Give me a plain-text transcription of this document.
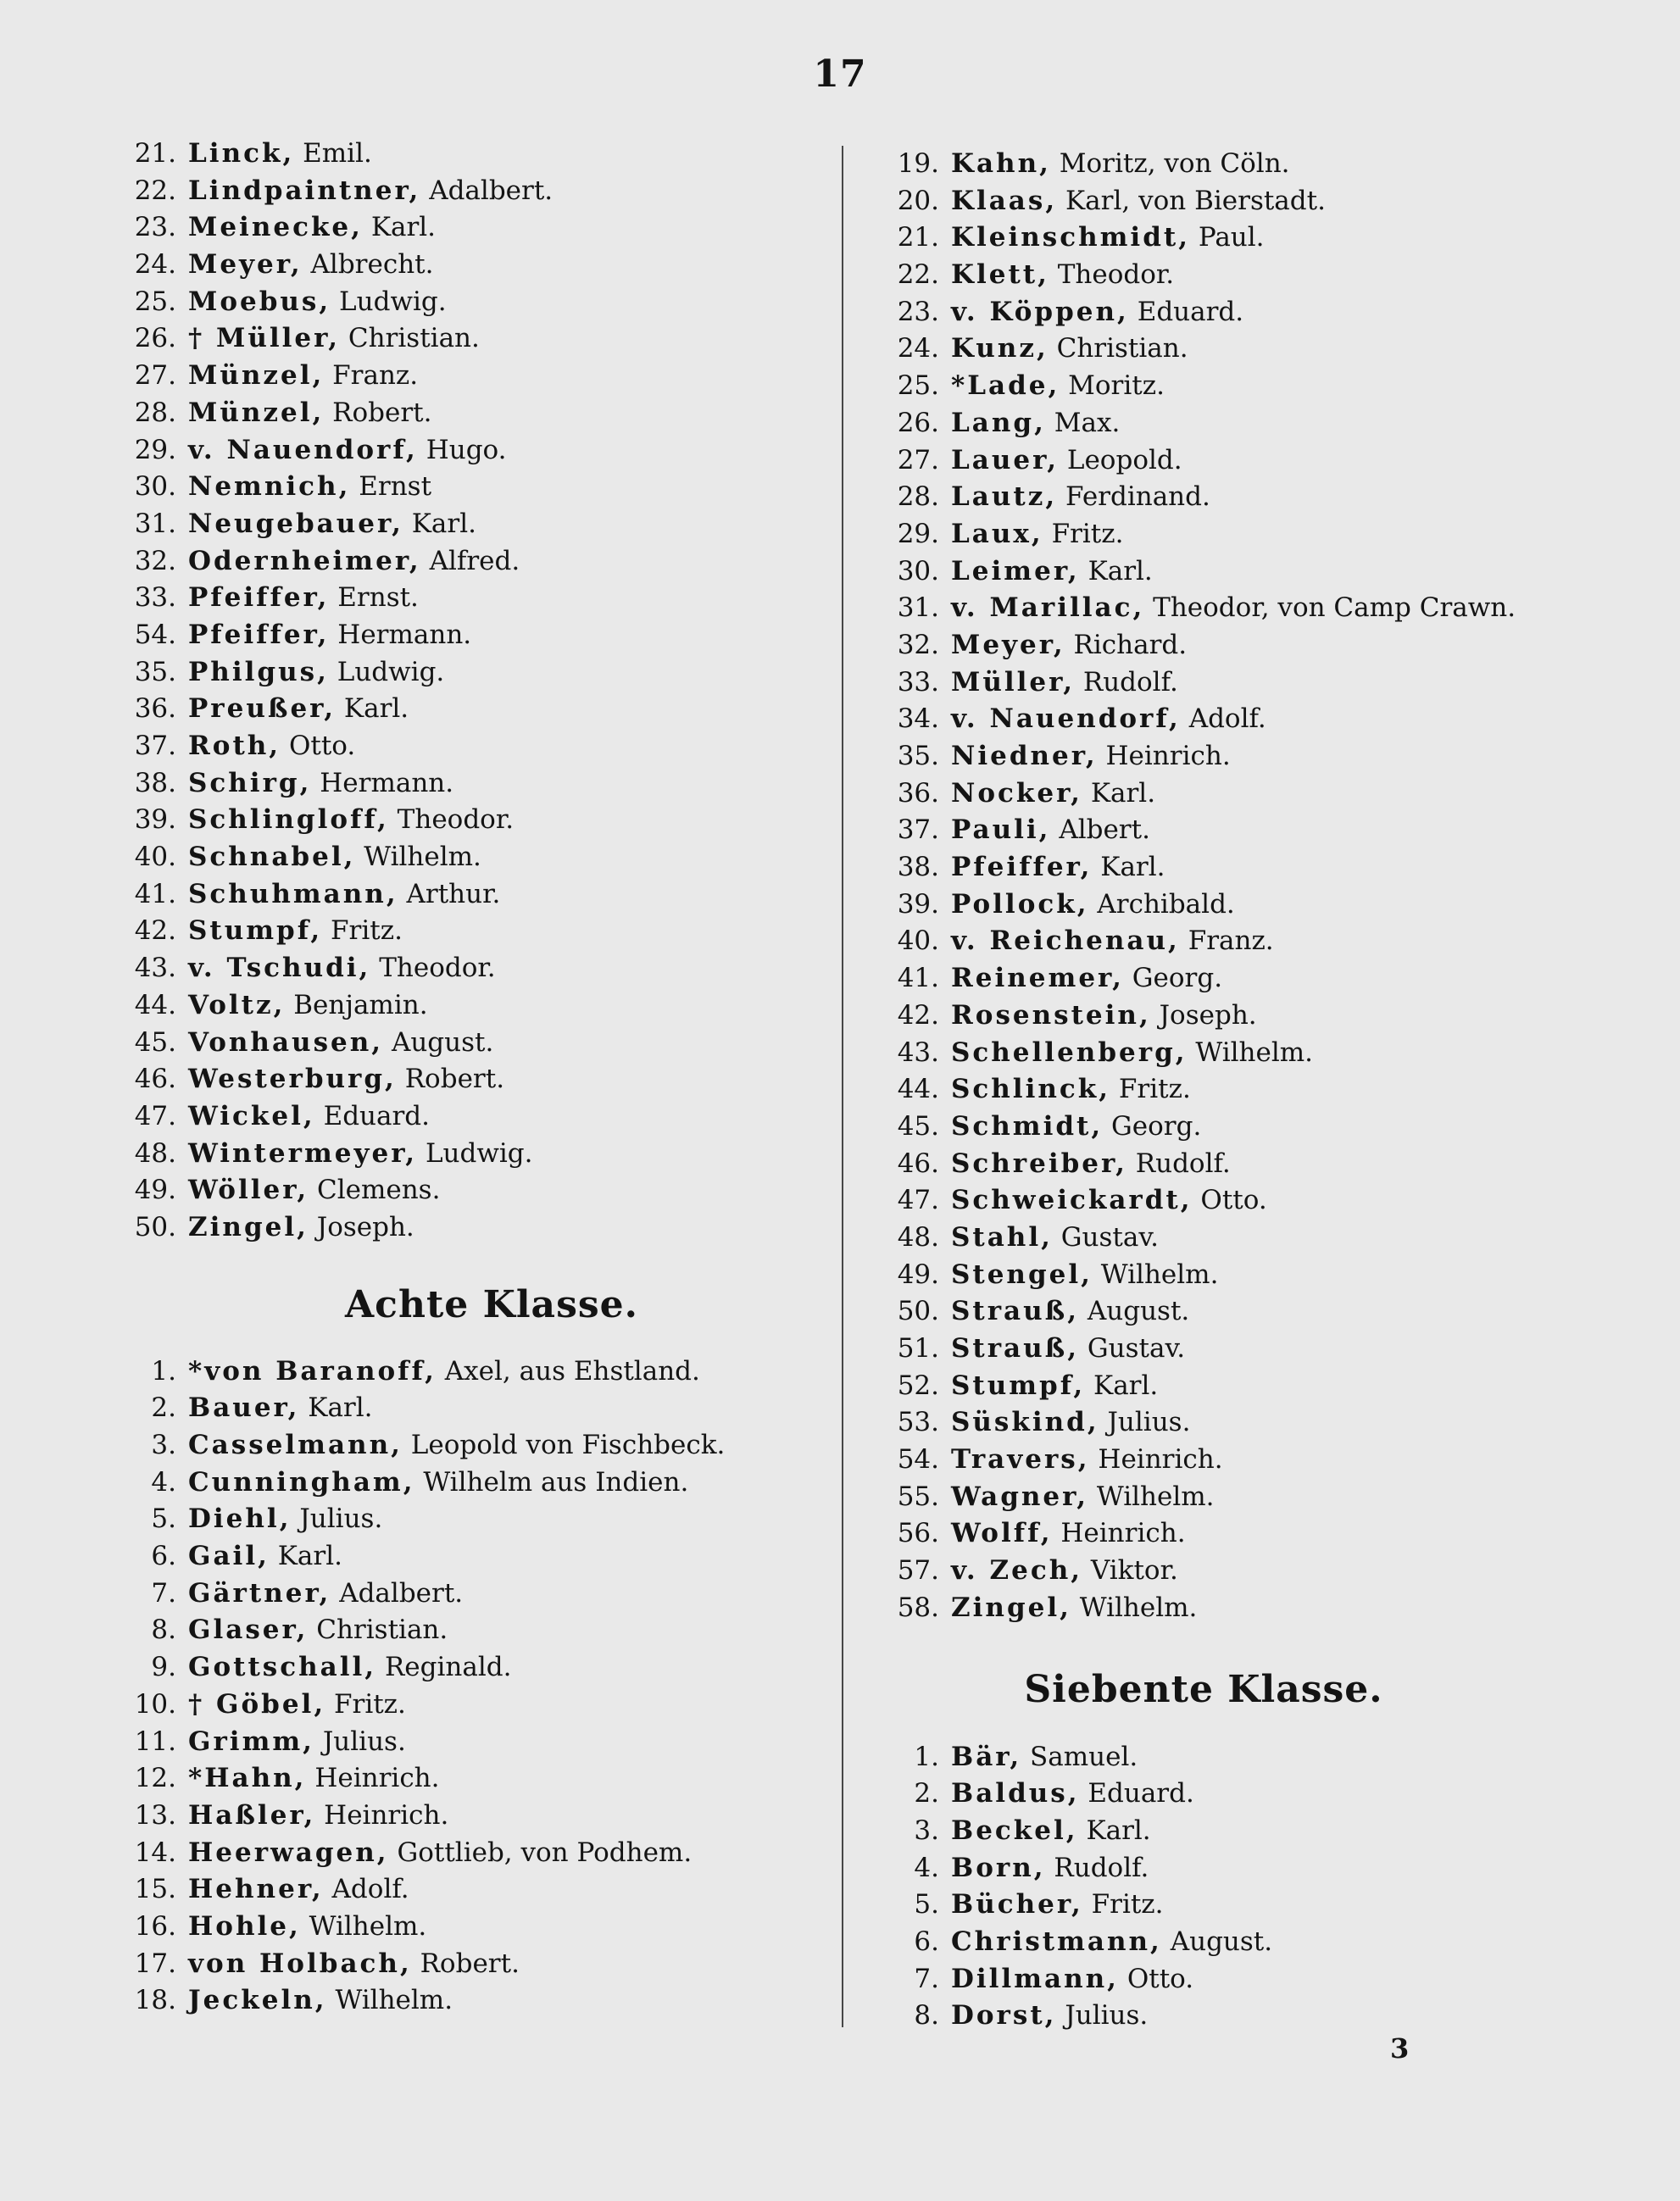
17
21. Linck,
Emil.
22. Lindpaintner,
Adalbert.
23. Meinecke,
Karl.
24. Meyer,
Albrecht.
25. Moebus,
Ludwig.
26. † Müller,
Christian.
27. Münzel,
Franz.
28. Münzel,
Robert.
29. v. Nauendorf,
Hugo.
30. Nemnich,
Ernst
31. Neugebauer,
Karl.
32. Odernheimer,
Alfred.
33. Pfeiffer,
Ernst.
54. Pfeiffer,
Hermann.
35. Philgus,
Ludwig.
36. Preußer,
Karl.
37. Roth,
Otto.
38. Schirg,
Hermann.
39. Schlingloff,
Theodor.
40. Schnabel,
Wilhelm.
41. Schuhmann,
Arthur.
42. Stumpf,
Fritz.
43. v. Tschudi,
Theodor.
44. Voltz,
Benjamin.
45. Vonhausen,
August.
46. Westerburg,
Robert.
47. Wickel,
Eduard.
48. Wintermeyer,
Ludwig.
49. Wöller,
Clemens.
50. Zingel,
Joseph.
Achte Klasse.
1. *von Baranoff,
Axel, aus Ehstland.
2. Bauer,
Karl.
3. Casselmann,
Leopold von Fischbeck.
4. Cunningham,
Wilhelm aus Indien.
5. Diehl,
Julius.
6. Gail,
Karl.
7. Gärtner,
Adalbert.
8. Glaser,
Christian.
9. Gottschall,
Reginald.
10. † Göbel,
Fritz.
11. Grimm,
Julius.
12. *Hahn,
Heinrich.
13. Haßler,
Heinrich.
14. Heerwagen,
Gottlieb, von Podhem.
15. Hehner,
Adolf.
16. Hohle,
Wilhelm.
17. von Holbach,
Robert.
18. Jeckeln,
Wilhelm.
19. Kahn,
Moritz, von Cöln.
20. Klaas,
Karl, von Bierstadt.
21. Kleinschmidt,
Paul.
22. Klett,
Theodor.
23. v. Köppen,
Eduard.
24. Kunz,
Christian.
25. *Lade,
Moritz.
26. Lang,
Max.
27. Lauer,
Leopold.
28. Lautz,
Ferdinand.
29. Laux,
Fritz.
30. Leimer,
Karl.
31. v. Marillac,
Theodor, von Camp Crawn.
32. Meyer,
Richard.
33. Müller,
Rudolf.
34. v. Nauendorf,
Adolf.
35. Niedner,
Heinrich.
36. Nocker,
Karl.
37. Pauli,
Albert.
38. Pfeiffer,
Karl.
39. Pollock,
Archibald.
40. v. Reichenau,
Franz.
41. Reinemer,
Georg.
42. Rosenstein,
Joseph.
43. Schellenberg,
Wilhelm.
44. Schlinck,
Fritz.
45. Schmidt,
Georg.
46. Schreiber,
Rudolf.
47. Schweickardt,
Otto.
48. Stahl,
Gustav.
49. Stengel,
Wilhelm.
50. Strauß,
August.
51. Strauß,
Gustav.
52. Stumpf,
Karl.
53. Süskind,
Julius.
54. Travers,
Heinrich.
55. Wagner,
Wilhelm.
56. Wolff,
Heinrich.
57. v. Zech,
Viktor.
58. Zingel,
Wilhelm.
Siebente Klasse.
1. Bär,
Samuel.
2. Baldus,
Eduard.
3. Beckel,
Karl.
4. Born,
Rudolf.
5. Bücher,
Fritz.
6. Christmann,
August.
7. Dillmann,
Otto.
8. Dorst,
Julius.
3
